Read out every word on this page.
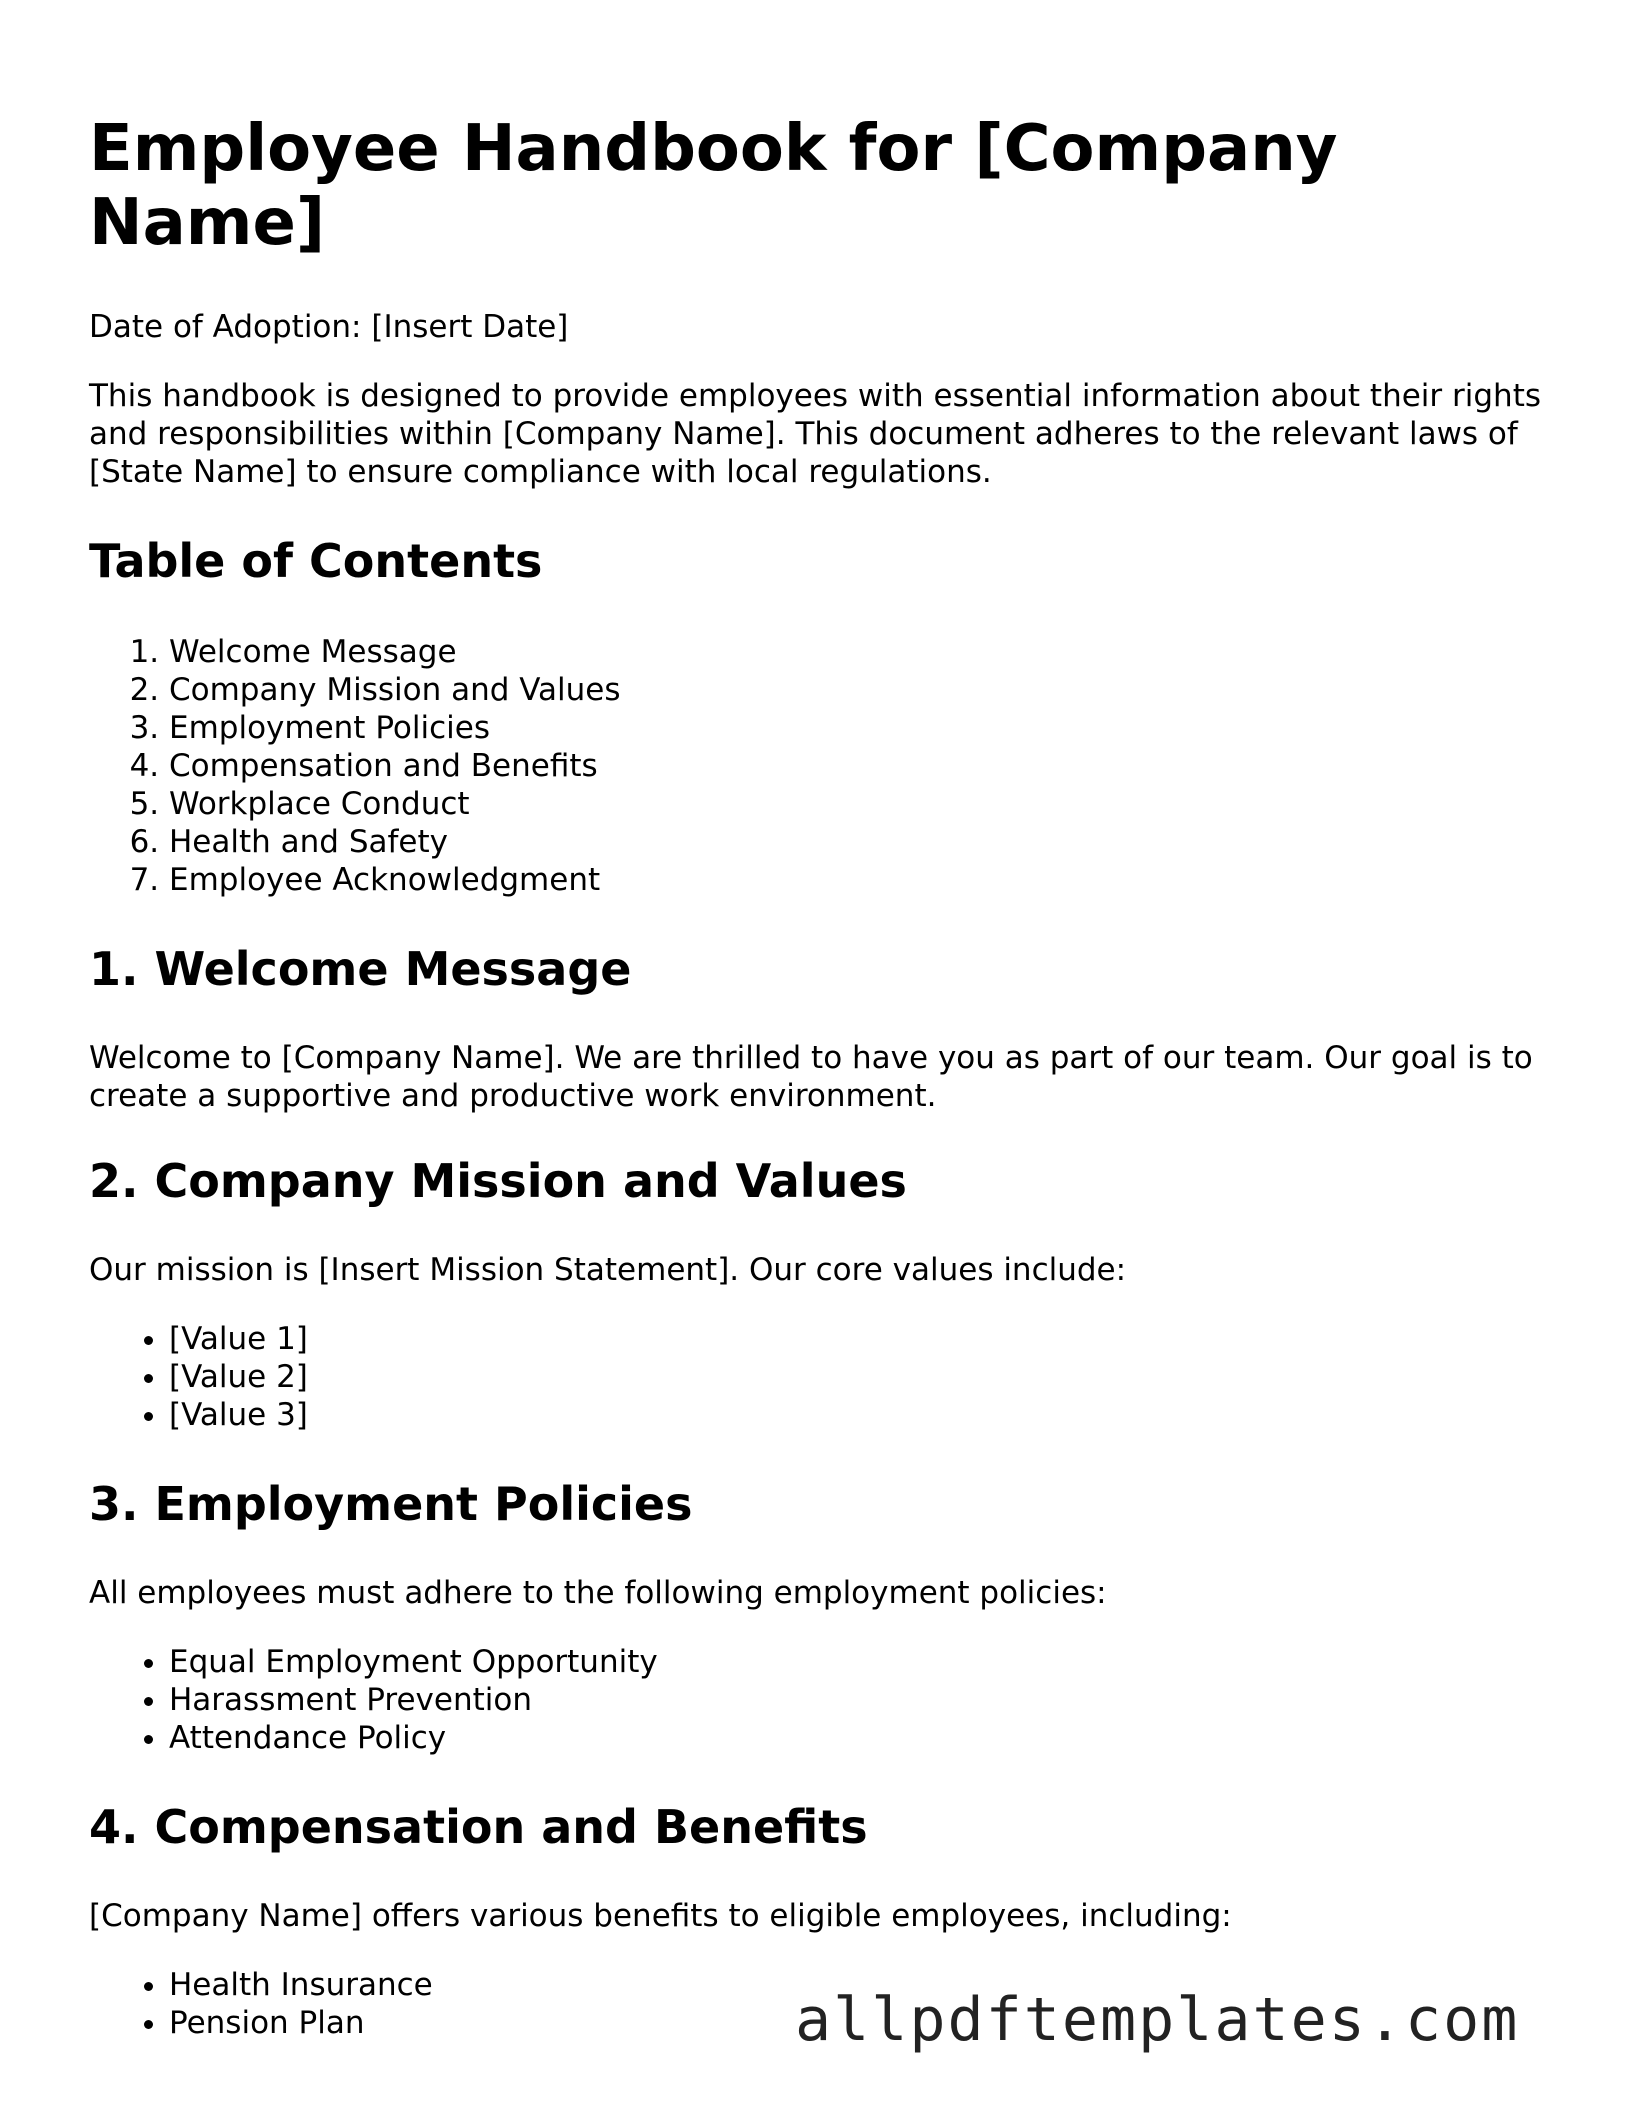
Employee Handbook for [Company Name]

Date of Adoption: [Insert Date]

This handbook is designed to provide employees with essential information about their rights and responsibilities within [Company Name]. This document adheres to the relevant laws of [State Name] to ensure compliance with local regulations.

Table of Contents
1. Welcome Message
2. Company Mission and Values
3. Employment Policies
4. Compensation and Benefits
5. Workplace Conduct
6. Health and Safety
7. Employee Acknowledgment
1. Welcome Message

Welcome to [Company Name]. We are thrilled to have you as part of our team. Our goal is to create a supportive and productive work environment.

2. Company Mission and Values

Our mission is [Insert Mission Statement]. Our core values include:

• [Value 1]
• [Value 2]
• [Value 3]
3. Employment Policies

All employees must adhere to the following employment policies:

• Equal Employment Opportunity
• Harassment Prevention
• Attendance Policy
4. Compensation and Benefits

[Company Name] offers various benefits to eligible employees, including:

• Health Insurance
• Pension Plan	allpdftemplates.com
